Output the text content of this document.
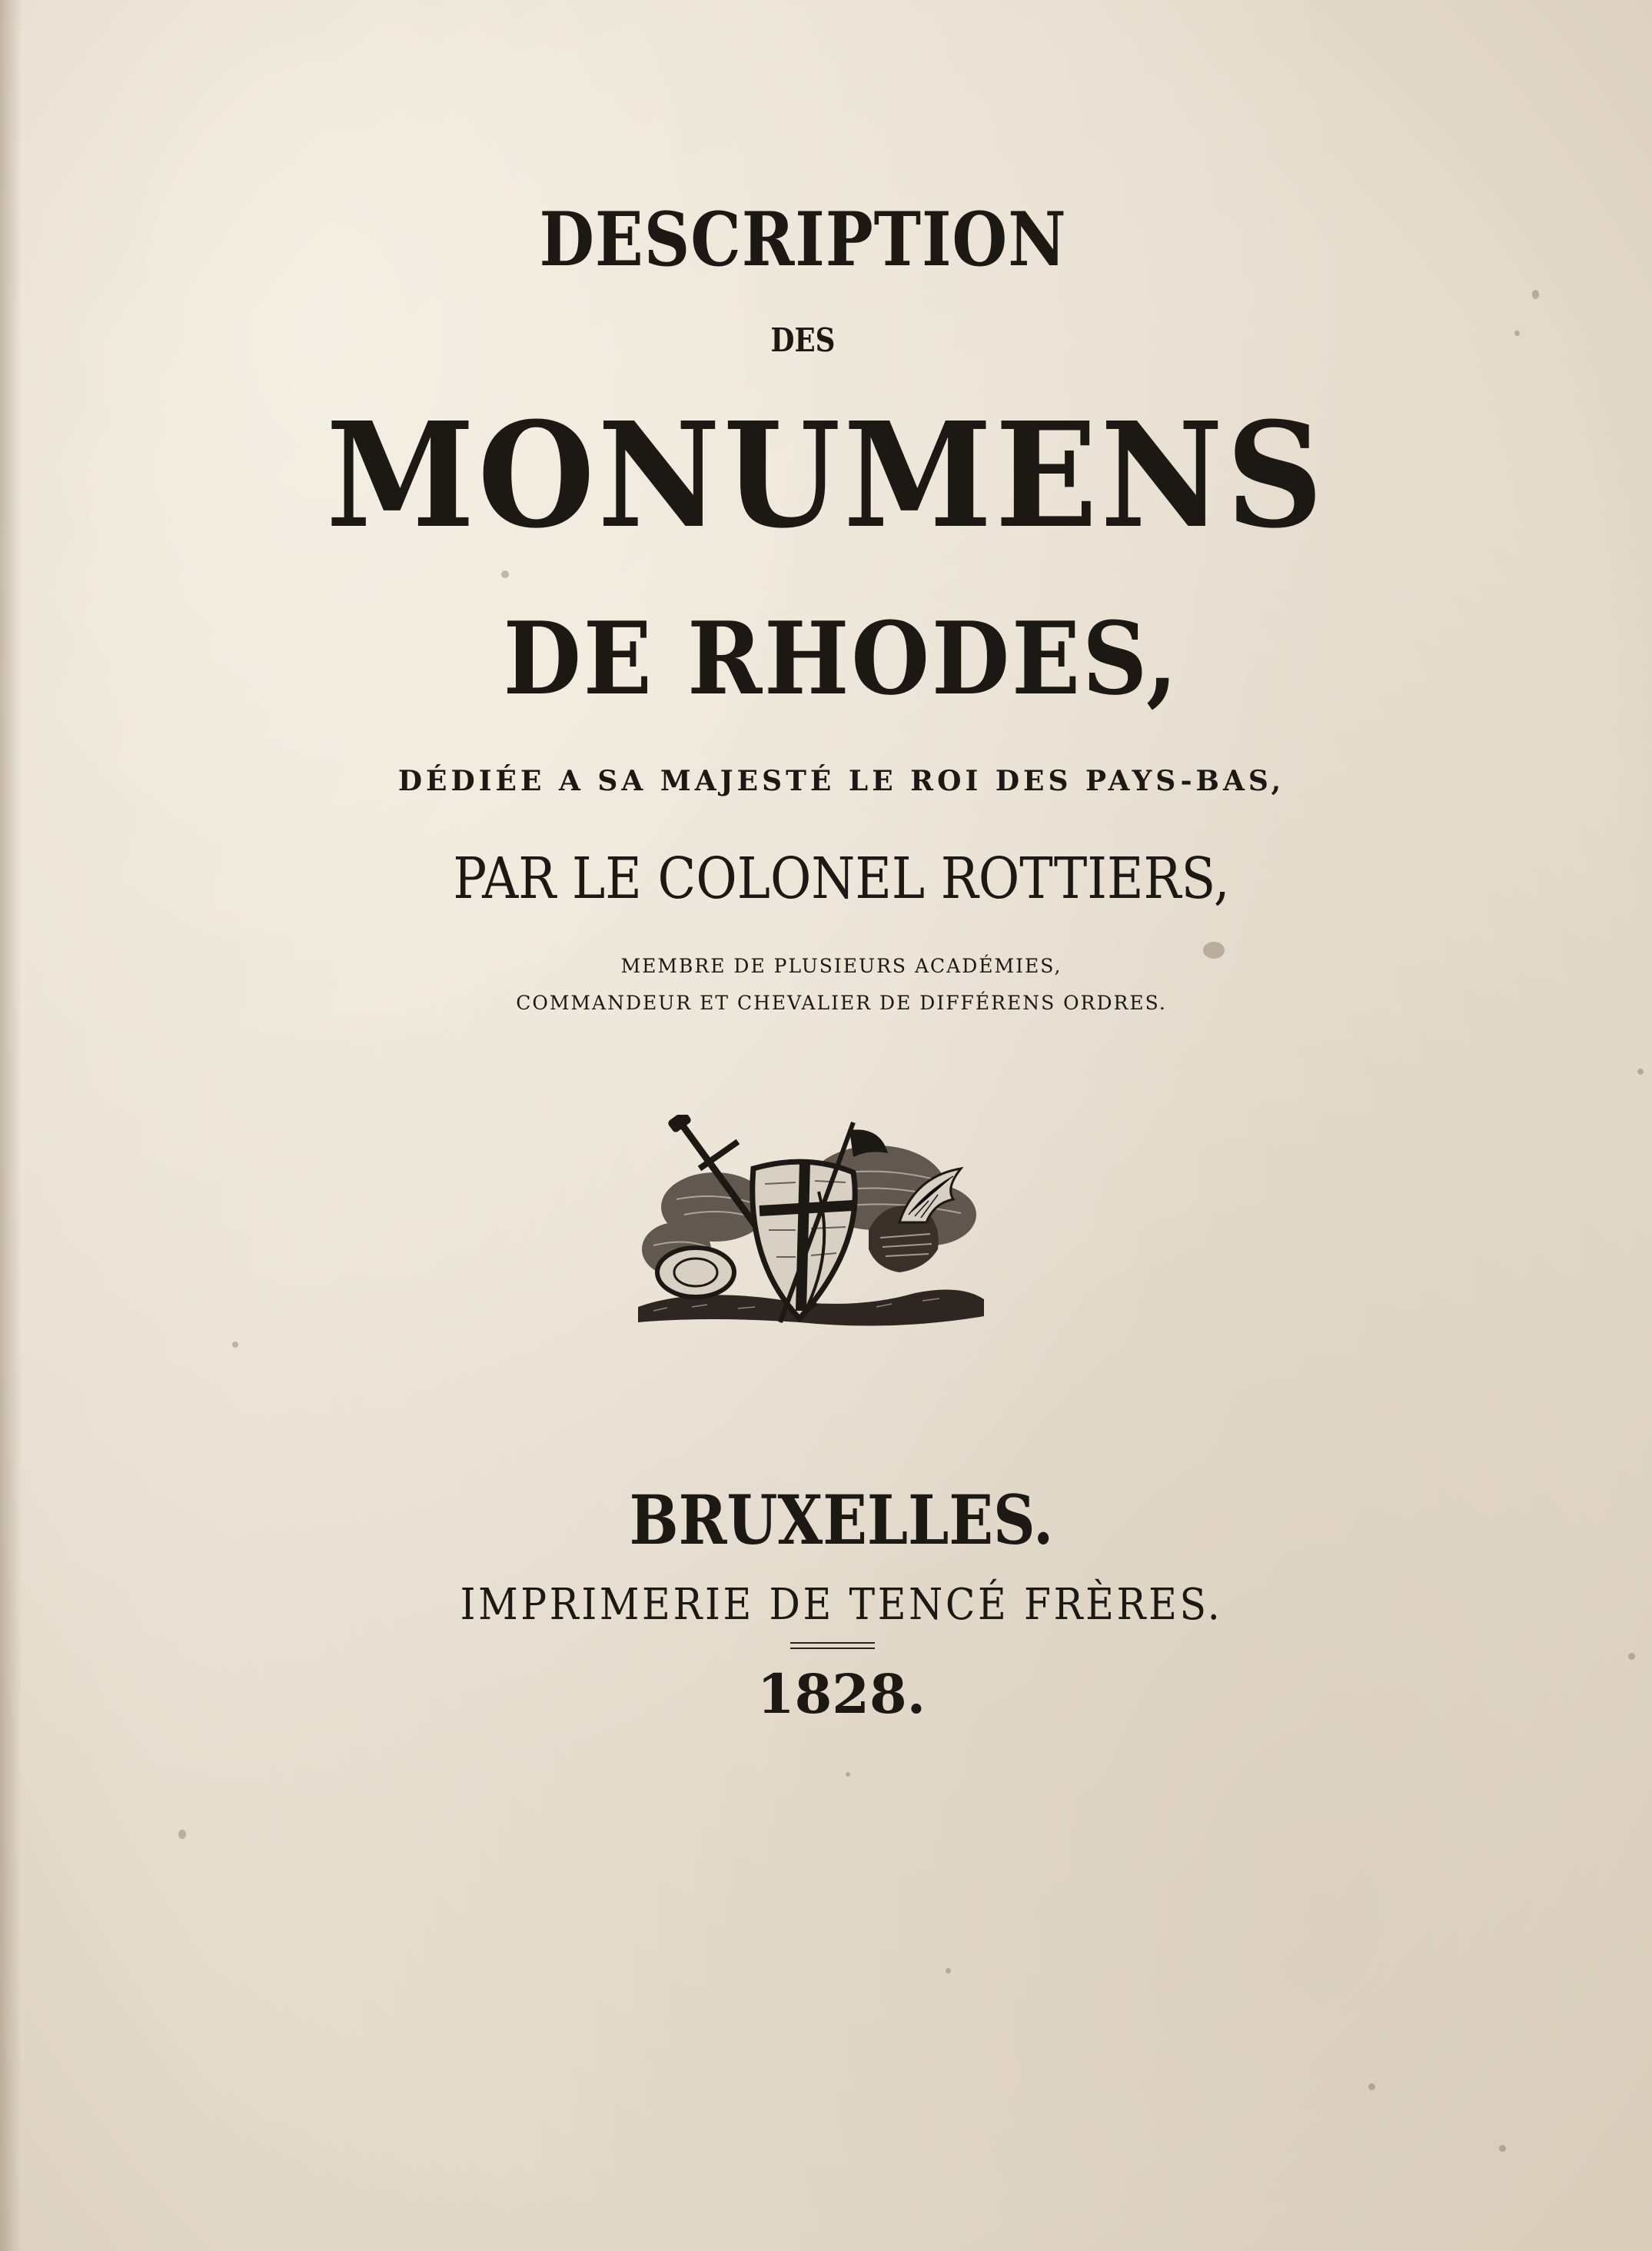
DESCRIPTION
DES
MONUMENS
DE RHODES,
DÉDIÉE A SA MAJESTÉ LE ROI DES PAYS-BAS,
PAR LE COLONEL ROTTIERS,
MEMBRE DE PLUSIEURS ACADÉMIES,
COMMANDEUR ET CHEVALIER DE DIFFÉRENS ORDRES.
BRUXELLES.
IMPRIMERIE DE TENCÉ FRÈRES.
1828.
